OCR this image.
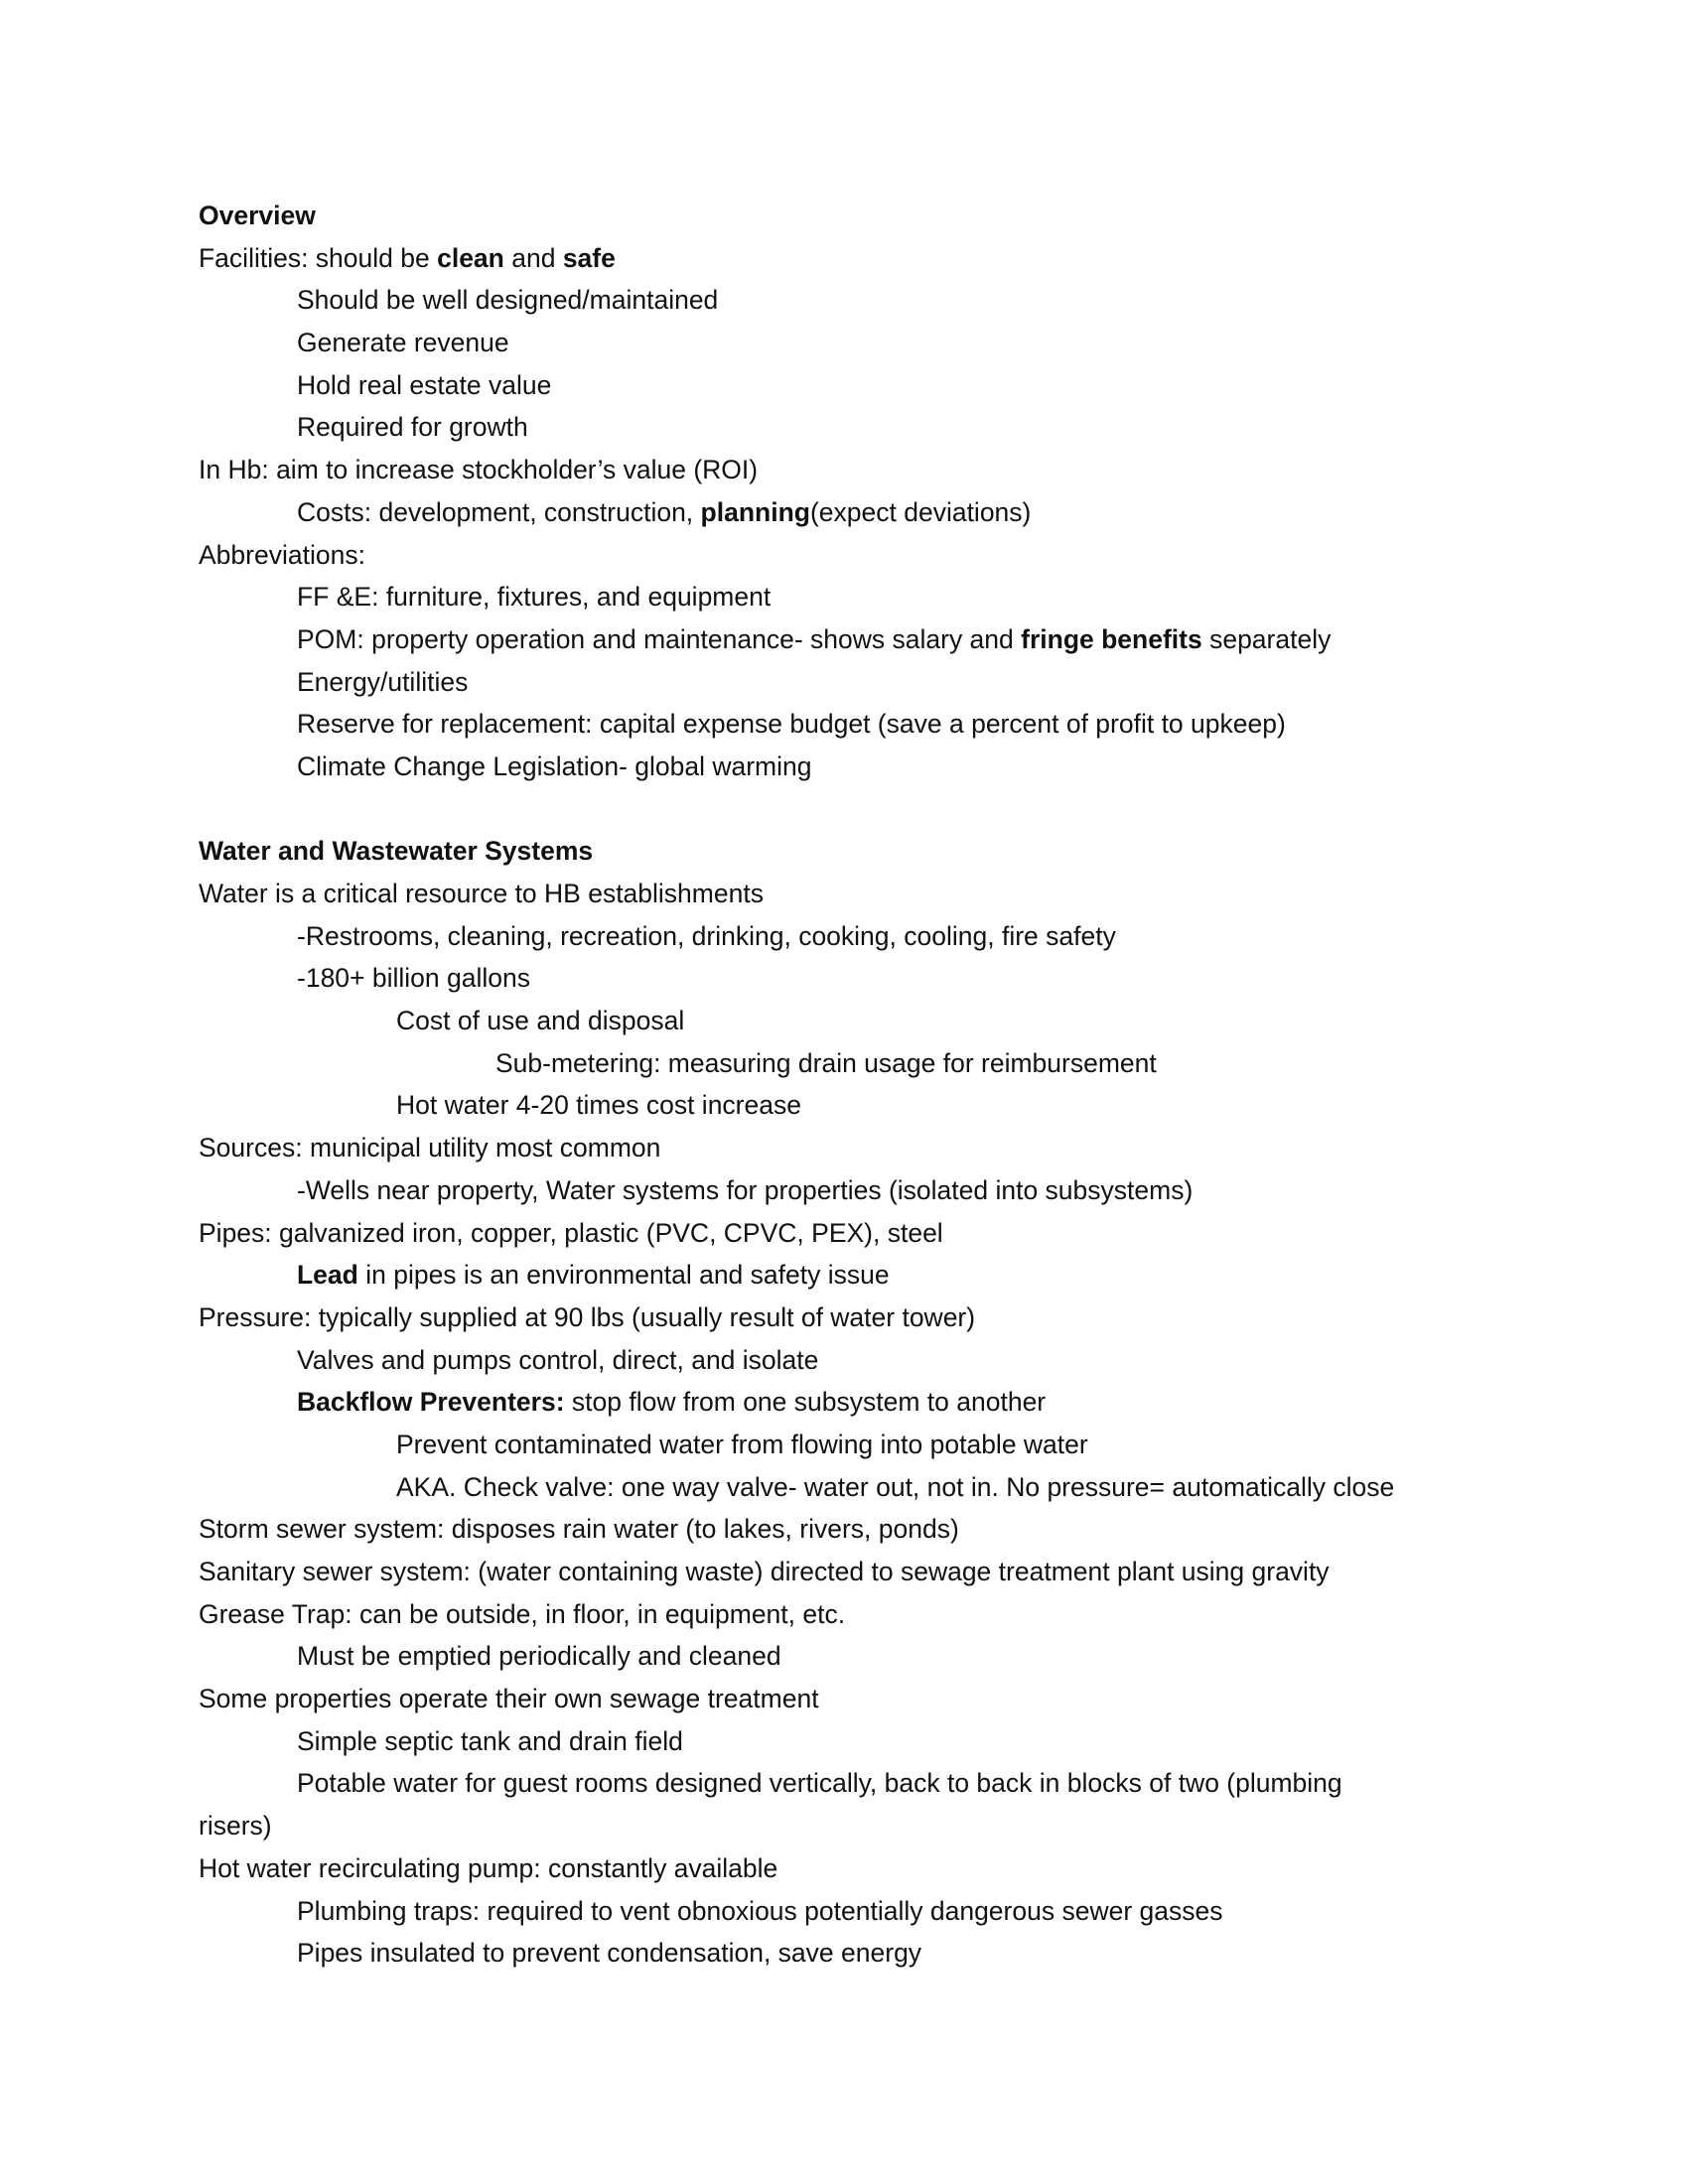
Overview
Facilities: should be clean and safe
Should be well designed/maintained
Generate revenue
Hold real estate value
Required for growth
In Hb: aim to increase stockholder’s value (ROI)
Costs: development, construction, planning(expect deviations)
Abbreviations:
FF &E: furniture, fixtures, and equipment
POM: property operation and maintenance- shows salary and fringe benefits separately
Energy/utilities
Reserve for replacement: capital expense budget (save a percent of profit to upkeep)
Climate Change Legislation- global warming
Water and Wastewater Systems
Water is a critical resource to HB establishments
-Restrooms, cleaning, recreation, drinking, cooking, cooling, fire safety
-180+ billion gallons
Cost of use and disposal
Sub-metering: measuring drain usage for reimbursement
Hot water 4-20 times cost increase
Sources: municipal utility most common
-Wells near property, Water systems for properties (isolated into subsystems)
Pipes: galvanized iron, copper, plastic (PVC, CPVC, PEX), steel
Lead in pipes is an environmental and safety issue
Pressure: typically supplied at 90 lbs (usually result of water tower)
Valves and pumps control, direct, and isolate
Backflow Preventers: stop flow from one subsystem to another
Prevent contaminated water from flowing into potable water
AKA. Check valve: one way valve- water out, not in. No pressure= automatically close
Storm sewer system: disposes rain water (to lakes, rivers, ponds)
Sanitary sewer system: (water containing waste) directed to sewage treatment plant using gravity
Grease Trap: can be outside, in floor, in equipment, etc.
Must be emptied periodically and cleaned
Some properties operate their own sewage treatment
Simple septic tank and drain field
Potable water for guest rooms designed vertically, back to back in blocks of two (plumbing
risers)
Hot water recirculating pump: constantly available
Plumbing traps: required to vent obnoxious potentially dangerous sewer gasses
Pipes insulated to prevent condensation, save energy
